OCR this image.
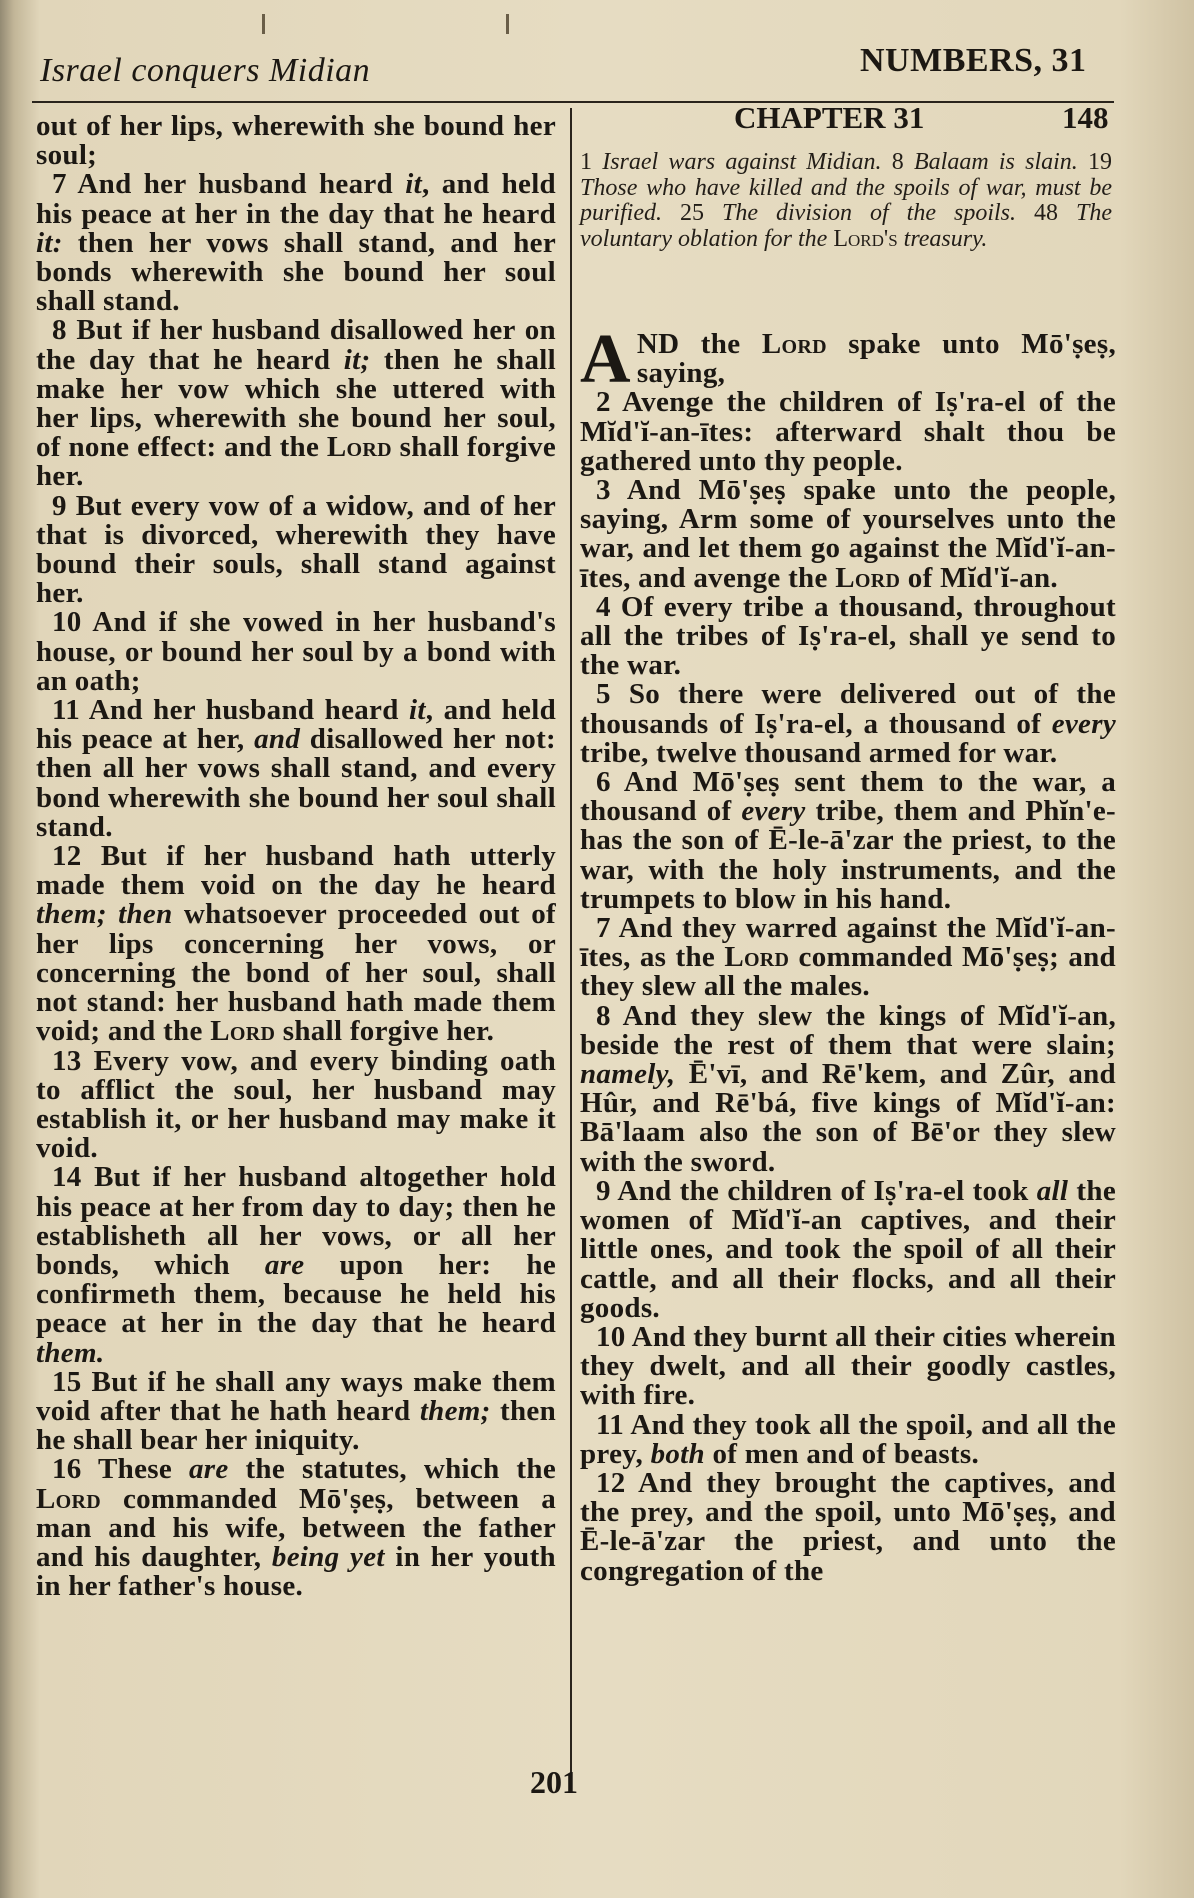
Israel conquers Midian	NUMBERS, 31

out of her lips, wherewith she bound her soul;

7 And her husband heard it, and held his peace at her in the day that he heard it: then her vows shall stand, and her bonds wherewith she bound her soul shall stand.

8 But if her husband disallowed her on the day that he heard it; then he shall make her vow which she uttered with her lips, wherewith she bound her soul, of none effect: and the Lord shall forgive her.

9 But every vow of a widow, and of her that is divorced, wherewith they have bound their souls, shall stand against her.

10 And if she vowed in her husband's house, or bound her soul by a bond with an oath;

11 And her husband heard it, and held his peace at her, and disallowed her not: then all her vows shall stand, and every bond wherewith she bound her soul shall stand.

12 But if her husband hath utterly made them void on the day he heard them; then whatsoever proceeded out of her lips concerning her vows, or concerning the bond of her soul, shall not stand: her husband hath made them void; and the Lord shall forgive her.

13 Every vow, and every binding oath to afflict the soul, her husband may establish it, or her husband may make it void.

14 But if her husband altogether hold his peace at her from day to day; then he establisheth all her vows, or all her bonds, which are upon her: he confirmeth them, because he held his peace at her in the day that he heard them.

15 But if he shall any ways make them void after that he hath heard them; then he shall bear her iniquity.

16 These are the statutes, which the Lord commanded Mō'ṣeṣ, between a man and his wife, between the father and his daughter, being yet in her youth in her father's house.

CHAPTER 31	148
1 Israel wars against Midian. 8 Balaam is slain. 19 Those who have killed and the spoils of war, must be purified. 25 The division of the spoils. 48 The voluntary oblation for the Lord's treasury.

AND the Lord spake unto Mō'ṣeṣ, saying,

2 Avenge the children of Iṣ'ra-el of the Mĭd'ĭ-an-ītes: afterward shalt thou be gathered unto thy people.

3 And Mō'ṣeṣ spake unto the people, saying, Arm some of yourselves unto the war, and let them go against the Mĭd'ĭ-an-ītes, and avenge the Lord of Mĭd'ĭ-an.

4 Of every tribe a thousand, throughout all the tribes of Iṣ'ra-el, shall ye send to the war.

5 So there were delivered out of the thousands of Iṣ'ra-el, a thousand of every tribe, twelve thousand armed for war.

6 And Mō'ṣeṣ sent them to the war, a thousand of every tribe, them and Phĭn'e-has the son of Ē-le-ā'zar the priest, to the war, with the holy instruments, and the trumpets to blow in his hand.

7 And they warred against the Mĭd'ĭ-an-ītes, as the Lord commanded Mō'ṣeṣ; and they slew all the males.

8 And they slew the kings of Mĭd'ĭ-an, beside the rest of them that were slain; namely, Ē'vī, and Rē'kem, and Zûr, and Hûr, and Rē'bá, five kings of Mĭd'ĭ-an: Bā'laam also the son of Bē'or they slew with the sword.

9 And the children of Iṣ'ra-el took all the women of Mĭd'ĭ-an captives, and their little ones, and took the spoil of all their cattle, and all their flocks, and all their goods.

10 And they burnt all their cities wherein they dwelt, and all their goodly castles, with fire.

11 And they took all the spoil, and all the prey, both of men and of beasts.

12 And they brought the captives, and the prey, and the spoil, unto Mō'ṣeṣ, and Ē-le-ā'zar the priest, and unto the congregation of the

201
